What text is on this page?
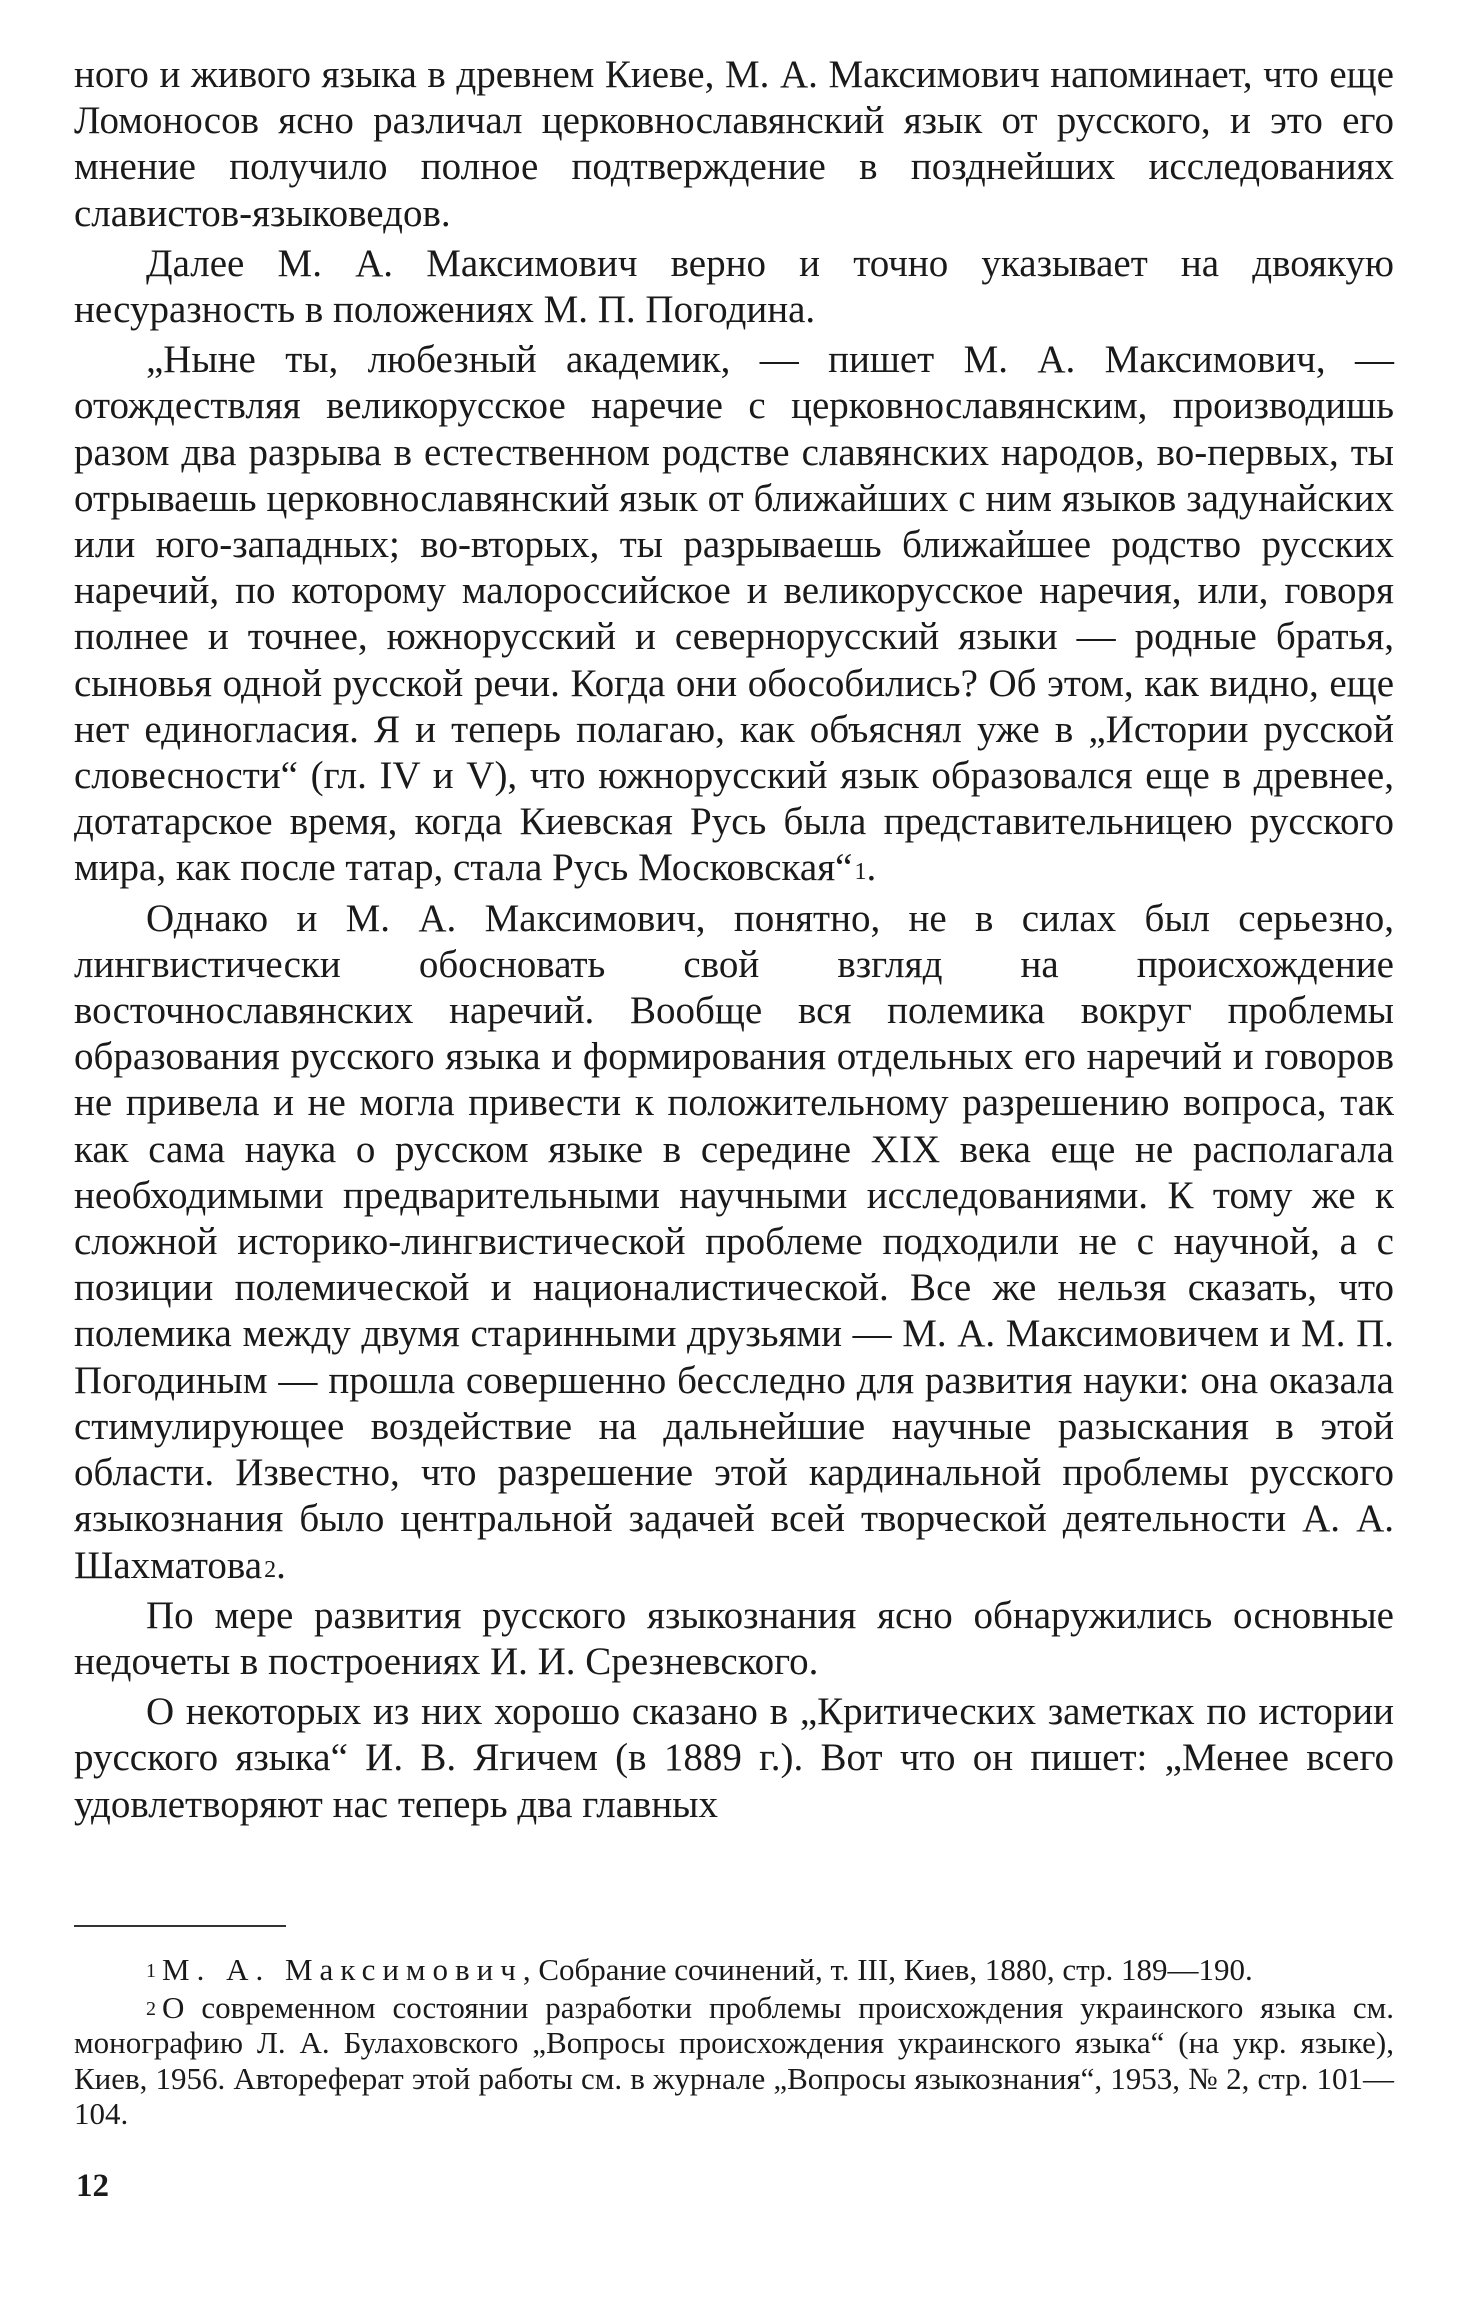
ного и живого языка в древнем Киеве, М. А. Максимович напоминает, что еще Ломоносов ясно различал церковнославянский язык от русского, и это его мнение получило полное подтверждение в позднейших исследованиях славистов-языковедов.

Далее М. А. Максимович верно и точно указывает на двоякую несуразность в положениях М. П. Погодина.

„Ныне ты, любезный академик, — пишет М. А. Максимович, — отождествляя великорусское наречие с церковнославянским, производишь разом два разрыва в естественном родстве славянских народов, во-первых, ты отрываешь церковнославянский язык от ближайших с ним языков задунайских или юго-западных; во-вторых, ты разрываешь ближайшее родство русских наречий, по которому малороссийское и великорусское наречия, или, говоря полнее и точнее, южнорусский и севернорусский языки — родные братья, сыновья одной русской речи. Когда они обособились? Об этом, как видно, еще нет единогласия. Я и теперь полагаю, как объяснял уже в „Истории русской словесности“ (гл. IV и V), что южнорусский язык образовался еще в древнее, дотатарское время, когда Киевская Русь была представительницею русского мира, как после татар, стала Русь Московская“$^1$.

Однако и М. А. Максимович, понятно, не в силах был серьезно, лингвистически обосновать свой взгляд на происхождение восточнославянских наречий. Вообще вся полемика вокруг проблемы образования русского языка и формирования отдельных его наречий и говоров не привела и не могла привести к положительному разрешению вопроса, так как сама наука о русском языке в середине XIX века еще не располагала необходимыми предварительными научными исследованиями. К тому же к сложной историко-лингвистической проблеме подходили не с научной, а с позиции полемической и националистической. Все же нельзя сказать, что полемика между двумя старинными друзьями — М. А. Максимовичем и М. П. Погодиным — прошла совершенно бесследно для развития науки: она оказала стимулирующее воздействие на дальнейшие научные разыскания в этой области. Известно, что разрешение этой кардинальной проблемы русского языкознания было центральной задачей всей творческой деятельности А. А. Шахматова$^2$.

По мере развития русского языкознания ясно обнаружились основные недочеты в построениях И. И. Срезневского.

О некоторых из них хорошо сказано в „Критических заметках по истории русского языка“ И. В. Ягичем (в 1889 г.). Вот что он пишет: „Менее всего удовлетворяют нас теперь два главных

$^1$ М. А. Максимович, Собрание сочинений, т. III, Киев, 1880, стр. 189—190.

$^2$ О современном состоянии разработки проблемы происхождения украинского языка см. монографию Л. А. Булаховского „Вопросы происхождения украинского языка“ (на укр. языке), Киев, 1956. Автореферат этой работы см. в журнале „Вопросы языкознания“, 1953, № 2, стр. 101—104.

12
